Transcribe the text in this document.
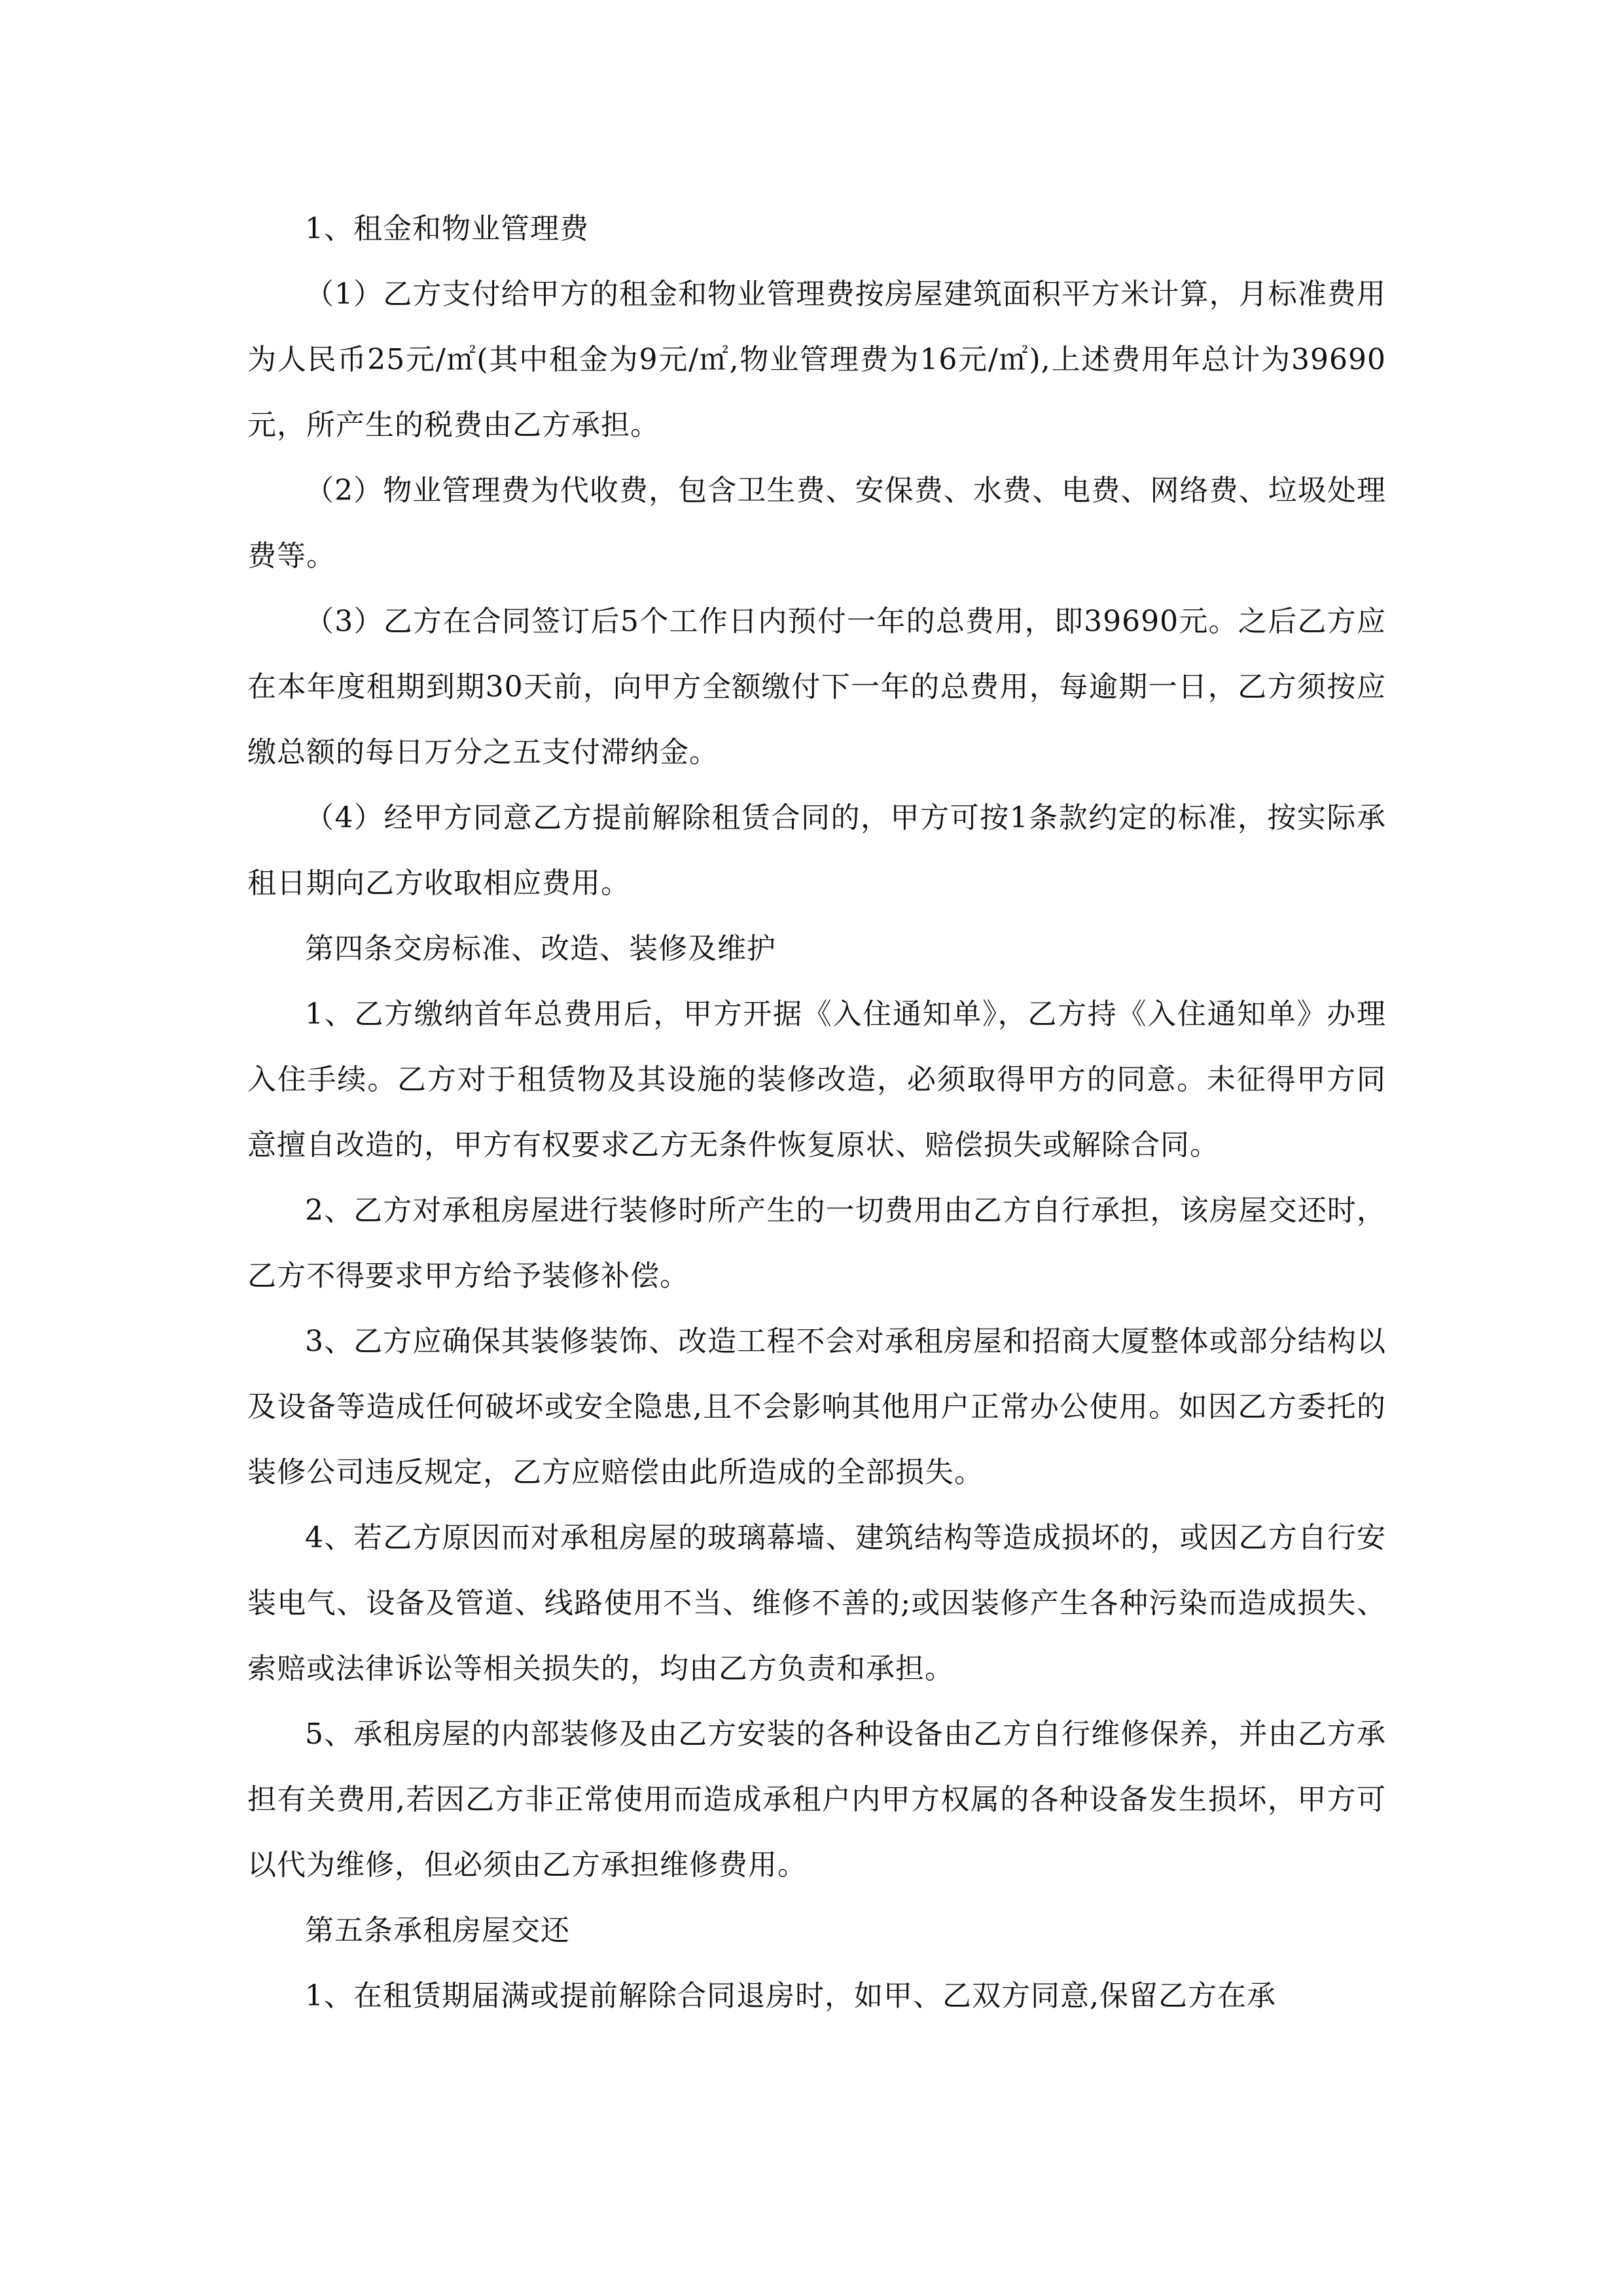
1、租金和物业管理费

（1）乙方支付给甲方的租金和物业管理费按房屋建筑面积平方米计算，月标准费用为人民币25元/㎡(其中租金为9元/㎡,物业管理费为16元/㎡),上述费用年总计为39690元，所产生的税费由乙方承担。

（2）物业管理费为代收费，包含卫生费、安保费、水费、电费、网络费、垃圾处理费等。

（3）乙方在合同签订后5个工作日内预付一年的总费用，即39690元。之后乙方应在本年度租期到期30天前，向甲方全额缴付下一年的总费用，每逾期一日，乙方须按应缴总额的每日万分之五支付滞纳金。

（4）经甲方同意乙方提前解除租赁合同的，甲方可按1条款约定的标准，按实际承租日期向乙方收取相应费用。

第四条交房标准、改造、装修及维护

1、乙方缴纳首年总费用后，甲方开据《入住通知单》，乙方持《入住通知单》办理入住手续。乙方对于租赁物及其设施的装修改造，必须取得甲方的同意。未征得甲方同意擅自改造的，甲方有权要求乙方无条件恢复原状、赔偿损失或解除合同。

2、乙方对承租房屋进行装修时所产生的一切费用由乙方自行承担，该房屋交还时，乙方不得要求甲方给予装修补偿。

3、乙方应确保其装修装饰、改造工程不会对承租房屋和招商大厦整体或部分结构以及设备等造成任何破坏或安全隐患,且不会影响其他用户正常办公使用。如因乙方委托的装修公司违反规定，乙方应赔偿由此所造成的全部损失。

4、若乙方原因而对承租房屋的玻璃幕墙、建筑结构等造成损坏的，或因乙方自行安装电气、设备及管道、线路使用不当、维修不善的;或因装修产生各种污染而造成损失、索赔或法律诉讼等相关损失的，均由乙方负责和承担。

5、承租房屋的内部装修及由乙方安装的各种设备由乙方自行维修保养，并由乙方承担有关费用,若因乙方非正常使用而造成承租户内甲方权属的各种设备发生损坏，甲方可以代为维修，但必须由乙方承担维修费用。

第五条承租房屋交还

1、在租赁期届满或提前解除合同退房时，如甲、乙双方同意,保留乙方在承
